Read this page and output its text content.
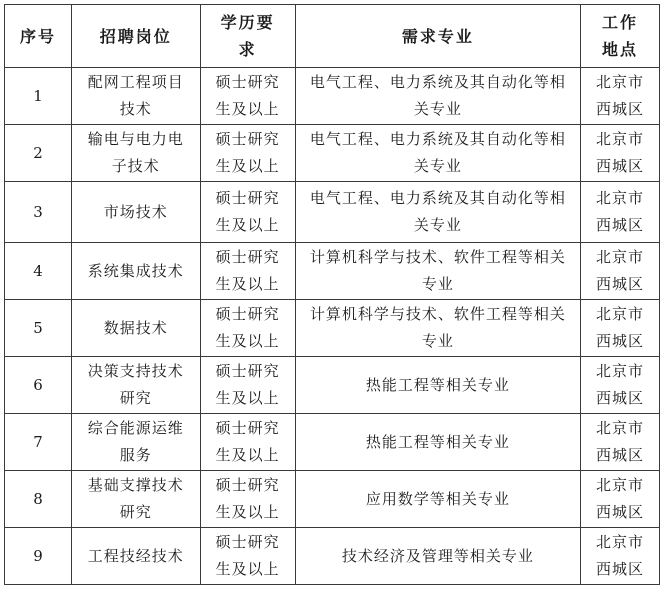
序号	招聘岗位	学历要求	需求专业	工作地点
1	配网工程项目技术	硕士研究生及以上	电气工程、电力系统及其自动化等相关专业	北京市西城区
2	输电与电力电子技术	硕士研究生及以上	电气工程、电力系统及其自动化等相关专业	北京市西城区
3	市场技术	硕士研究生及以上	电气工程、电力系统及其自动化等相关专业	北京市西城区
4	系统集成技术	硕士研究生及以上	计算机科学与技术、软件工程等相关专业	北京市西城区
5	数据技术	硕士研究生及以上	计算机科学与技术、软件工程等相关专业	北京市西城区
6	决策支持技术研究	硕士研究生及以上	热能工程等相关专业	北京市西城区
7	综合能源运维服务	硕士研究生及以上	热能工程等相关专业	北京市西城区
8	基础支撑技术研究	硕士研究生及以上	应用数学等相关专业	北京市西城区
9	工程技经技术	硕士研究生及以上	技术经济及管理等相关专业	北京市西城区
